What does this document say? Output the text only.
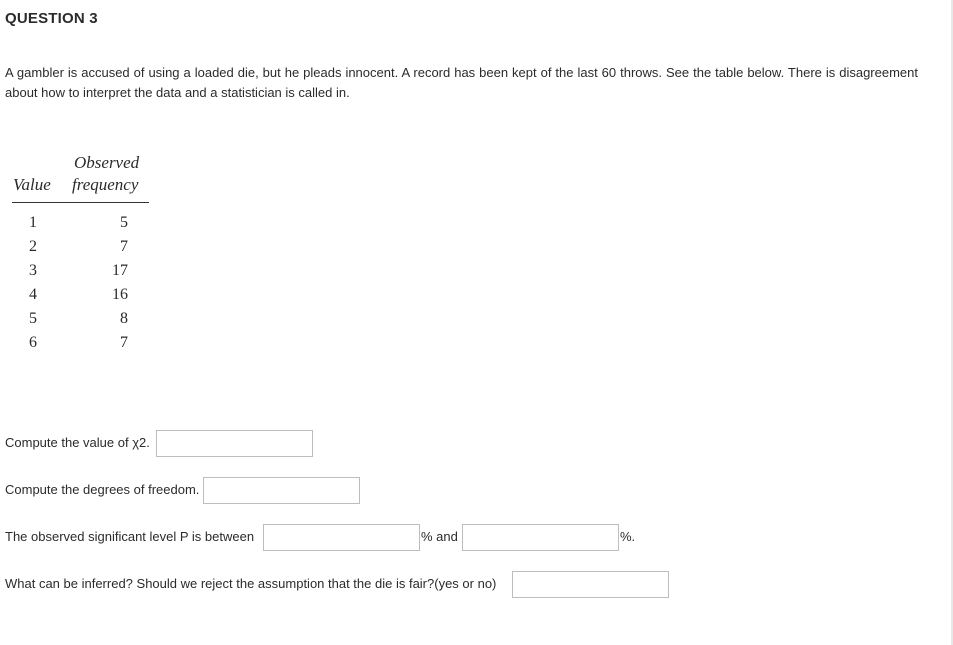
QUESTION 3
A gambler is accused of using a loaded die, but he pleads innocent. A record has been kept of the last 60 throws. See the table below. There is disagreement about how to interpret the data and a statistician is called in.
Observed
Value frequency
1
2
3
4
5
6
5
7
17
16
8
7
Compute the value of χ2.
Compute the degrees of freedom.
The observed significant level P is between	% and	%.
What can be inferred? Should we reject the assumption that the die is fair?(yes or no)
